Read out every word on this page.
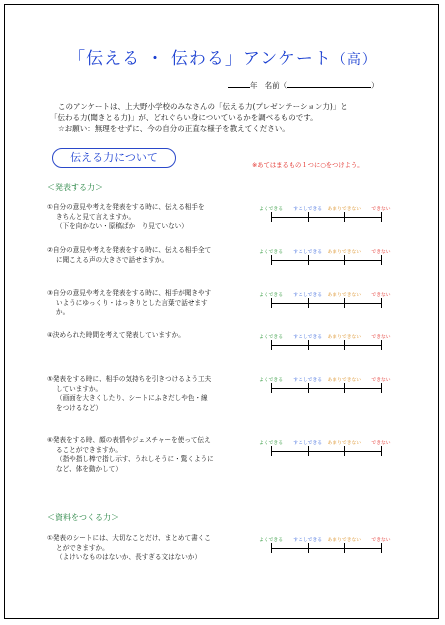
「伝える ・ 伝わる」アンケート（高）
年 名前（	）
このアンケートは、上大野小学校のみなさんの「伝える力(プレゼンテーション力)」と
「伝わる力(聞きとる力)」が、どれぐらい身についているかを調べるものです。
☆お願い：無理をせずに、今の自分の正直な様子を教えてください。
伝える力について
※あてはまるもの１つに○をつけよう。
＜発表する力＞
①自分の意見や考えを発表をする時に、伝える相手を
きちんと見て言えますか。
（下を向かない・原稿ばか　り見ていない）
よくできる すこしできる あまりできない できない
②自分の意見や考えを発表をする時に、伝える相手全て
に聞こえる声の大きさで話せますか。
よくできる すこしできる あまりできない できない
③自分の意見や考えを発表をする時に、相手が聞きやす
いようにゆっくり・はっきりとした言葉で話せます
か。
よくできる すこしできる あまりできない できない
④決められた時間を考えて発表していますか。	よくできる すこしできる あまりできない できない
⑤発表をする時に、相手の気持ちを引きつけるよう工夫
していますか。
（画面を大きくしたり、シートにふきだしや色・線
をつけるなど）
よくできる すこしできる あまりできない できない
⑥発表をする時、顔の表情やジェスチャーを使って伝え
ることができますか。
（指や指し棒で指し示す、うれしそうに・驚くように
など、体を動かして）
よくできる すこしできる あまりできない できない
＜資料をつくる力＞
①発表のシートには、大切なことだけ、まとめて書くこ
とができますか。
（よけいなものはないか、長すぎる文はないか）
よくできる すこしできる あまりできない できない
